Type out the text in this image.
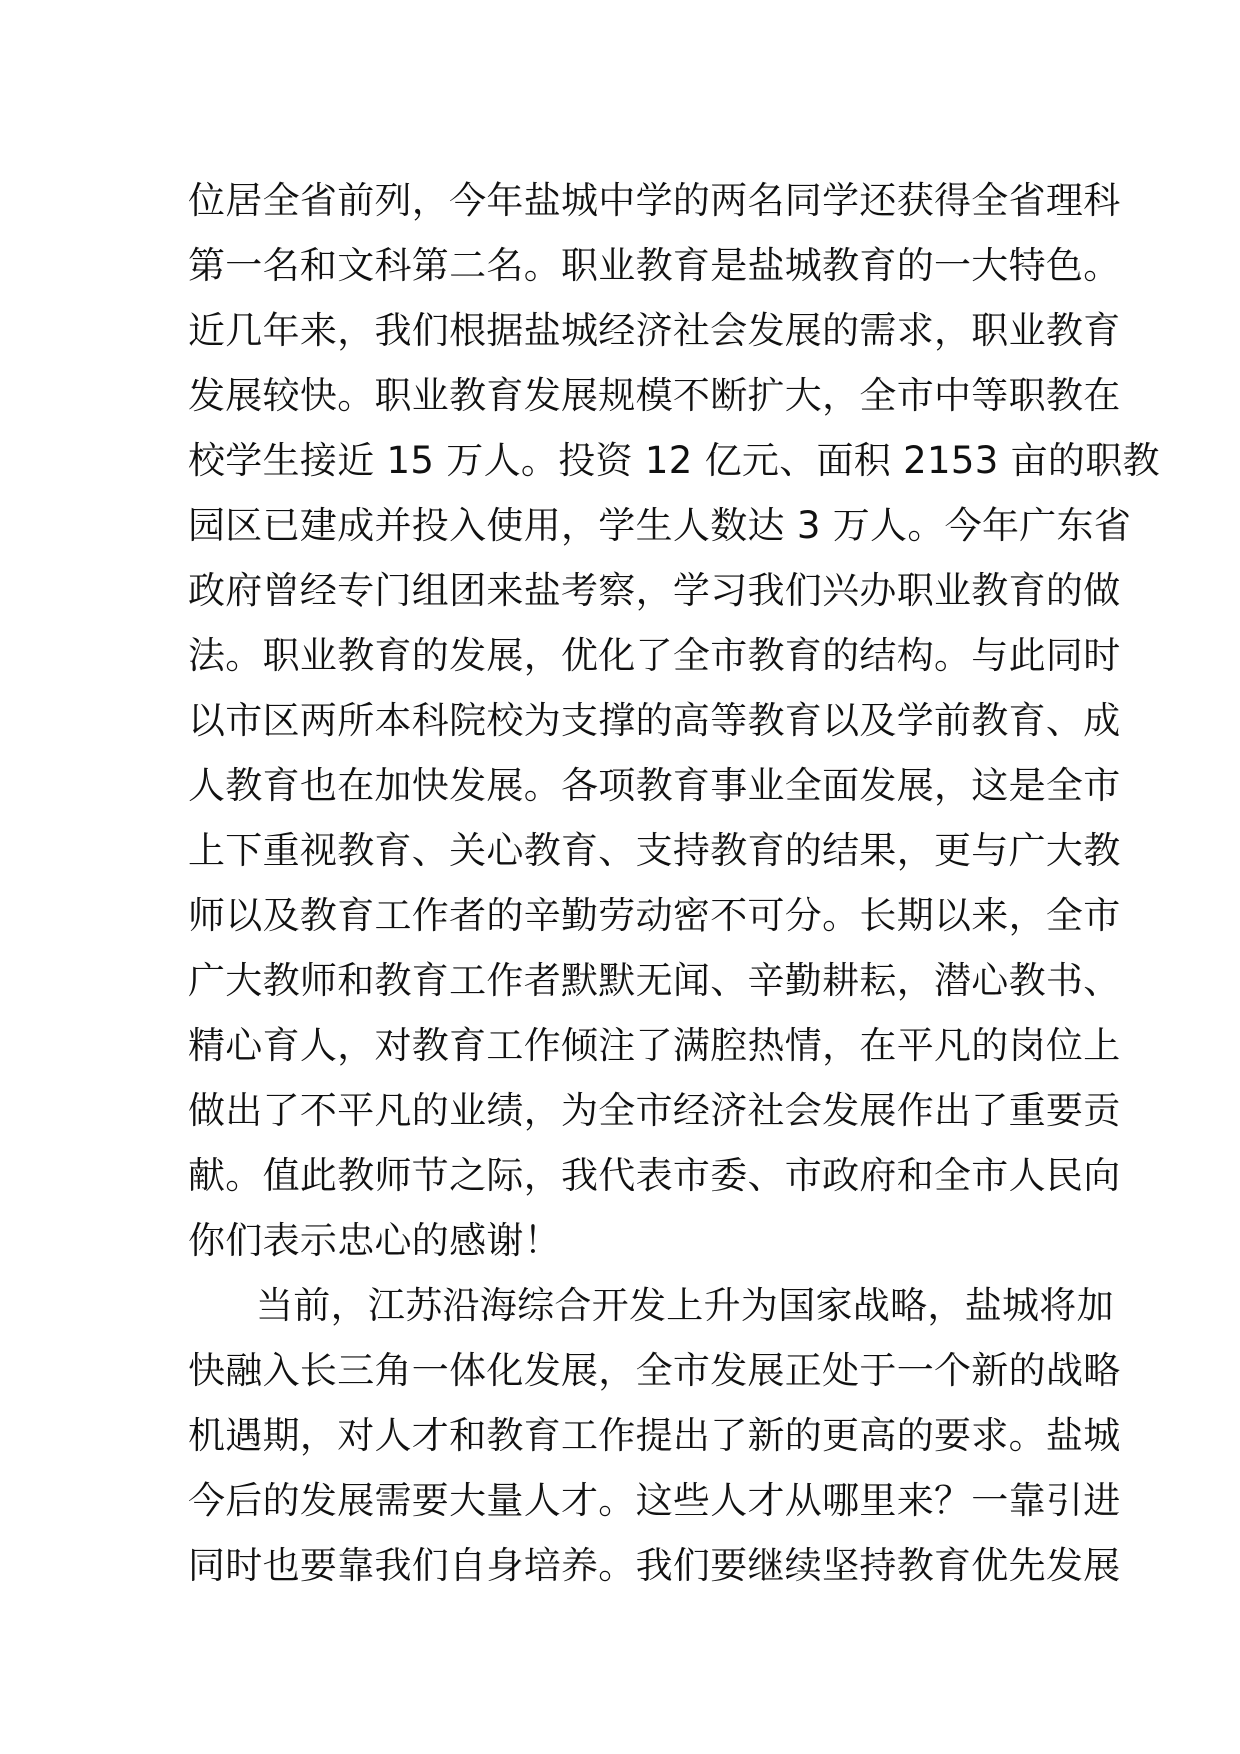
位居全省前列，今年盐城中学的两名同学还获得全省理科
第一名和文科第二名。职业教育是盐城教育的一大特色。
近几年来，我们根据盐城经济社会发展的需求，职业教育
发展较快。职业教育发展规模不断扩大，全市中等职教在
校学生接近 15 万人。投资 12 亿元、面积 2153 亩的职教
园区已建成并投入使用，学生人数达 3 万人。今年广东省
政府曾经专门组团来盐考察，学习我们兴办职业教育的做
法。职业教育的发展，优化了全市教育的结构。与此同时
以市区两所本科院校为支撑的高等教育以及学前教育、成
人教育也在加快发展。各项教育事业全面发展，这是全市
上下重视教育、关心教育、支持教育的结果，更与广大教
师以及教育工作者的辛勤劳动密不可分。长期以来，全市
广大教师和教育工作者默默无闻、辛勤耕耘，潜心教书、
精心育人，对教育工作倾注了满腔热情，在平凡的岗位上
做出了不平凡的业绩，为全市经济社会发展作出了重要贡
献。值此教师节之际，我代表市委、市政府和全市人民向
你们表示忠心的感谢！
当前，江苏沿海综合开发上升为国家战略，盐城将加
快融入长三角一体化发展，全市发展正处于一个新的战略
机遇期，对人才和教育工作提出了新的更高的要求。盐城
今后的发展需要大量人才。这些人才从哪里来？一靠引进
同时也要靠我们自身培养。我们要继续坚持教育优先发展
